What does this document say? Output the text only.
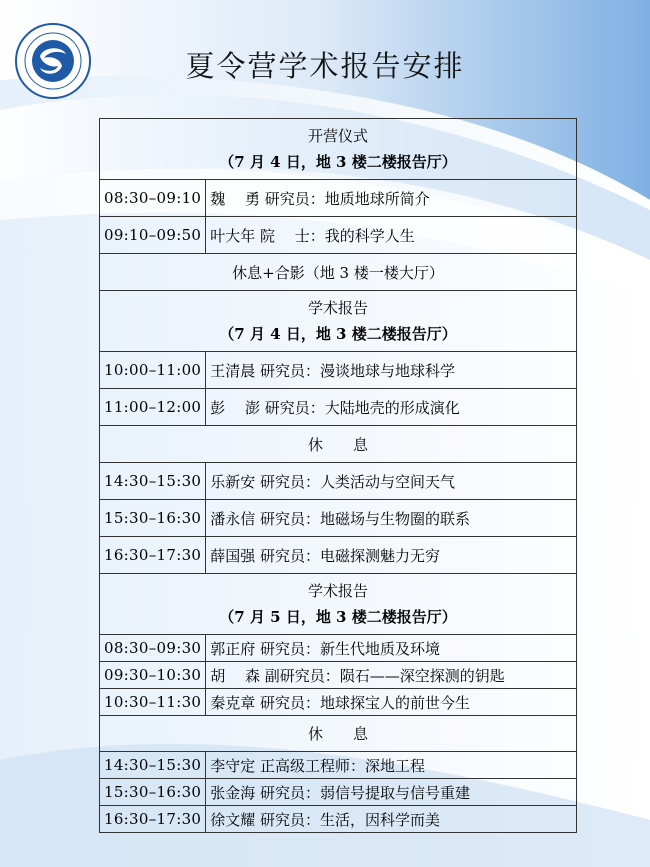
夏令营学术报告安排
开营仪式
（7 月 4 日，地 3 楼二楼报告厅）	

08:30–09:10	魏　 勇 研究员：地质地球所简介
09:10–09:50	叶大年 院　 士：我的科学人生
休息+合影（地 3 楼一楼大厅）	

学术报告
（7 月 4 日，地 3 楼二楼报告厅）	

10:00–11:00	王清晨 研究员：漫谈地球与地球科学
11:00–12:00	彭　 澎 研究员：大陆地壳的形成演化
休　　息	
14:30–15:30	乐新安 研究员：人类活动与空间天气
15:30–16:30	潘永信 研究员：地磁场与生物圈的联系
16:30–17:30	薛国强 研究员：电磁探测魅力无穷

学术报告
（7 月 5 日，地 3 楼二楼报告厅）	

08:30–09:30	郭正府 研究员：新生代地质及环境
09:30–10:30	胡　 森 副研究员：陨石——深空探测的钥匙
10:30–11:30	秦克章 研究员：地球探宝人的前世今生
休　　息	
14:30–15:30	李守定 正高级工程师：深地工程
15:30–16:30	张金海 研究员：弱信号提取与信号重建
16:30–17:30	徐文耀 研究员：生活，因科学而美
